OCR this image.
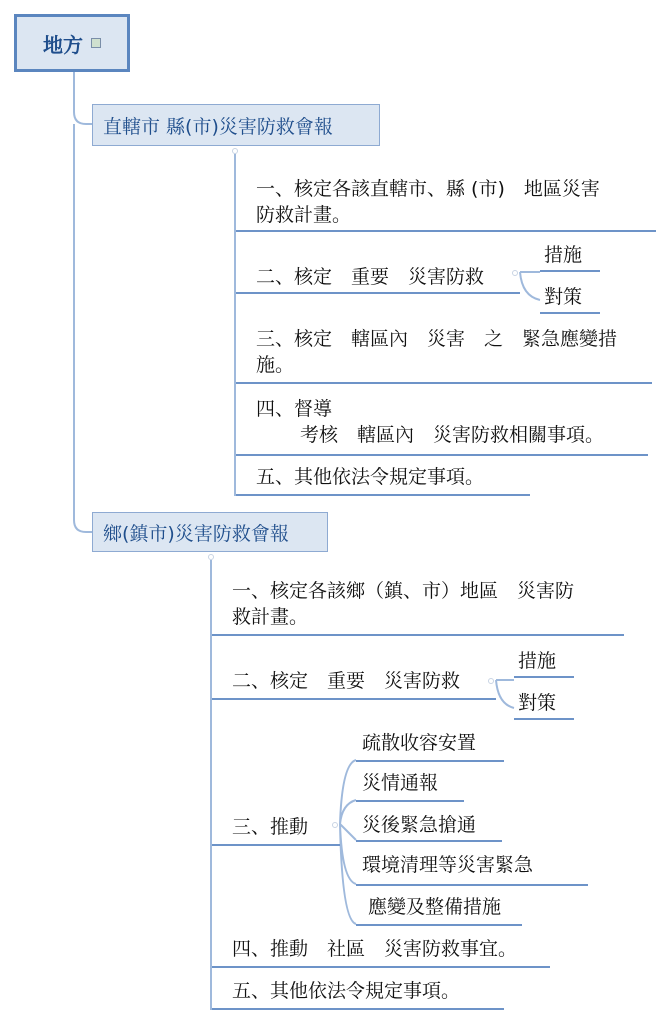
地方
直轄市 縣(市)災害防救會報
一、核定各該直轄市、縣 (市)　地區災害
防救計畫。
二、核定　重要　災害防救
措施
對策
三、核定　轄區內　災害　之　緊急應變措
施。
四、督導
考核　轄區內　災害防救相關事項。
五、其他依法令規定事項。
鄉(鎮市)災害防救會報
一、核定各該鄉（鎮、市）地區　災害防
救計畫。
二、核定　重要　災害防救
措施
對策
三、推動
疏散收容安置
災情通報
災後緊急搶通
環境清理等災害緊急
應變及整備措施
四、推動　社區　災害防救事宜。
五、其他依法令規定事項。
